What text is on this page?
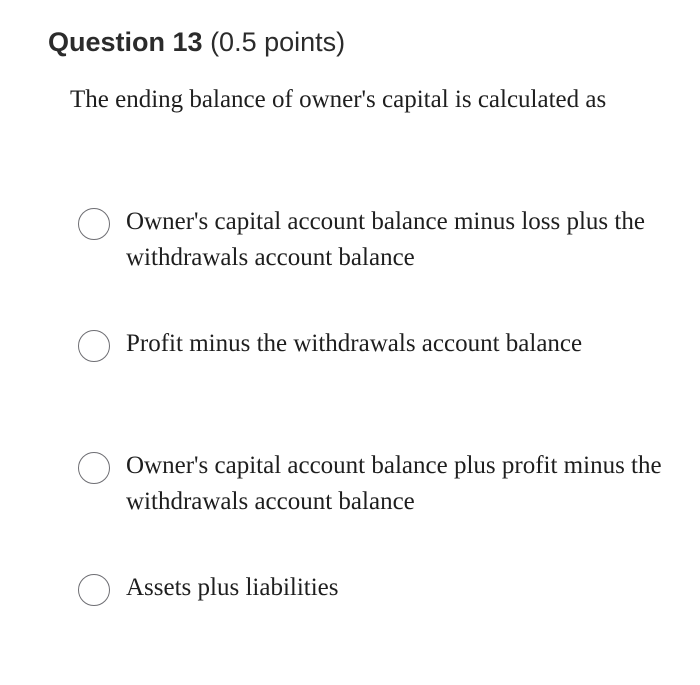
Question 13 (0.5 points)
The ending balance of owner's capital is calculated as
Owner's capital account balance minus loss plus the withdrawals account balance
Profit minus the withdrawals account balance
Owner's capital account balance plus profit minus the withdrawals account balance
Assets plus liabilities
